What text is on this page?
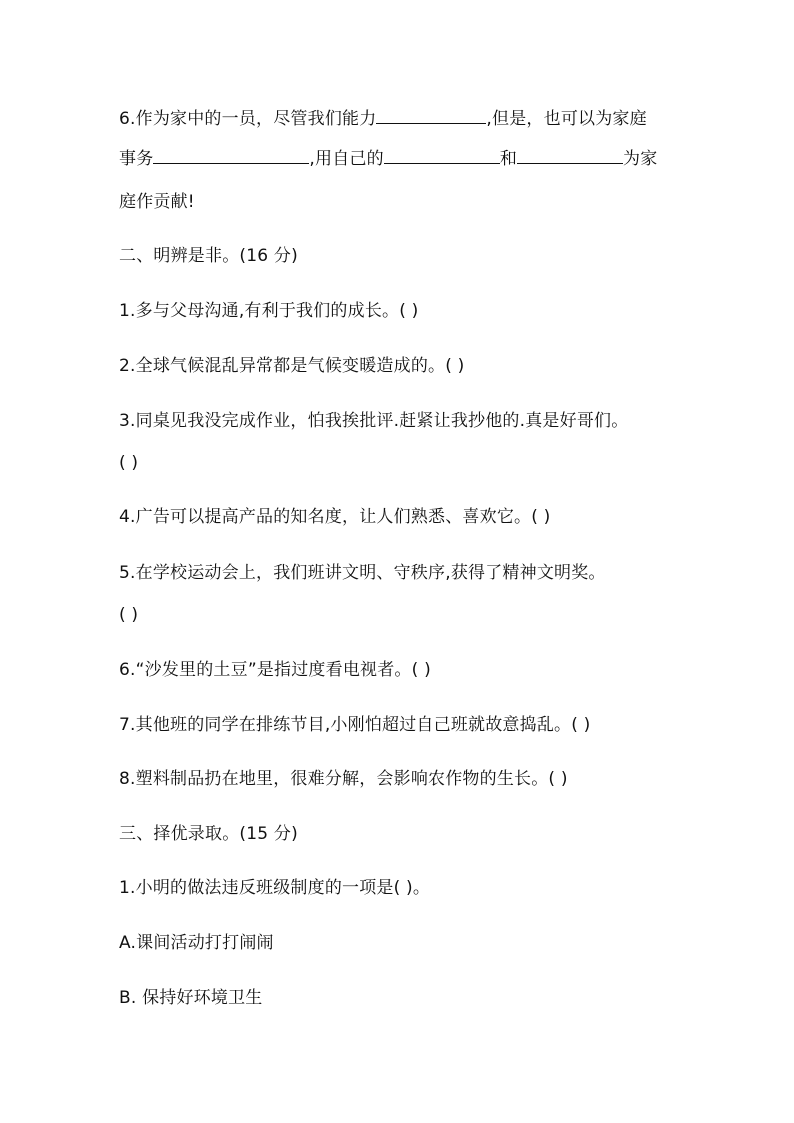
6.作为家中的一员，尽管我们能力	,但是，也可以为家庭
事务	,用自己的	和	为家
庭作贡献!
二、明辨是非。(16 分)
1.多与父母沟通,有利于我们的成长。( )
2.全球气候混乱异常都是气候变暖造成的。( )
3.同桌见我没完成作业，怕我挨批评.赶紧让我抄他的.真是好哥们。
( )
4.广告可以提高产品的知名度，让人们熟悉、喜欢它。( )
5.在学校运动会上，我们班讲文明、守秩序,获得了精神文明奖。
( )
6.“沙发里的土豆”是指过度看电视者。( )
7.其他班的同学在排练节目,小刚怕超过自己班就故意捣乱。( )
8.塑料制品扔在地里，很难分解，会影响农作物的生长。( )
三、择优录取。(15 分)
1.小明的做法违反班级制度的一项是( )。
A.课间活动打打闹闹
B. 保持好环境卫生
